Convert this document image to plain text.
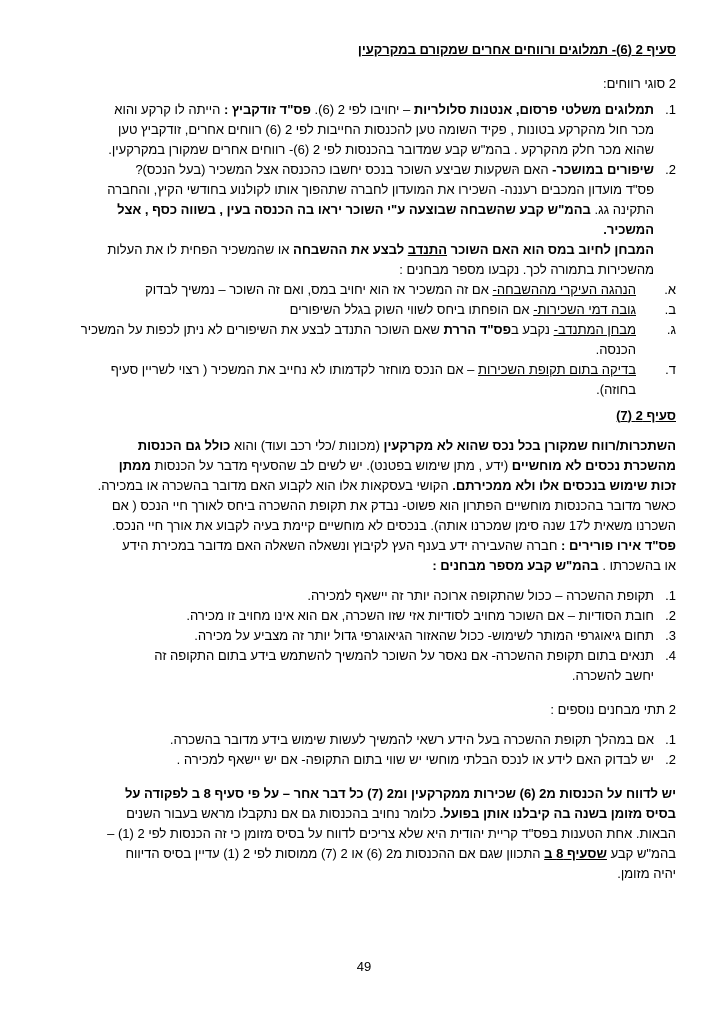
סעיף 2 (6)- תמלוגים ורווחים אחרים שמקורם במקרקעין
2 סוגי רווחים:
1.
תמלוגים משלטי פרסום, אנטנות סלולריות – יחויבו לפי 2 (6). פס"ד זודקביץ : הייתה לו קרקע והוא
מכר חול מהקרקע בטונות , פקיד השומה טען להכנסות החייבות לפי 2 (6) רווחים אחרים, זודקביץ טען
שהוא מכר חלק מהקרקע . בהמ"ש קבע שמדובר בהכנסות לפי 2 (6)- רווחים אחרים שמקורן במקרקעין.
2.
שיפורים במושכר- האם הּשקעות שביצע השוכר בנכס יחשבו כהכנסה אצל המשכיר (בעל הנכס)?
פס"ד מועדון המכבים רעננה- השכירו את המועדון לחברה שתהפוך אותו לקולנוע בחודשי הקיץ, והחברה
התקינה גג. בהמ"ש קבע שהשבחה שבוצעה ע"י השוכר יראו בה הכנסה בעין , בשווה כסף , אצל
המשכיר.
המבחן לחיוב במס הוא האם השוכר התנדב לבצע את ההשבחה או שהמשכיר הפחית לו את העלות
מהשכירות בתמורה לכך. נקבעו מספר מבחנים :
א.
הנהגה העיקרי מההשבחה- אם זה המשכיר אז הוא יחויב במס, ואם זה השוכר – נמשיך לבדוק
ב.
גובה דמי השכירות- אם הופחתו ביחס לשווי השוק בגלל השיפורים
ג.
מבחן המתנדב- נקבע בפס"ד הררת שאם השוכר התנדב לבצע את השיפורים לא ניתן לכפות על המשכיר
הכנסה.
ד.
בדיקה בתום תקופת השכירות – אם הנכס מוחזר לקדמותו לא נחייב את המשכיר ( רצוי לשריין סעיף
בחוזה).
סעיף 2 (7)
השתכרות/רווח שמקורן בכל נכס שהוא לא מקרקעין (מכונות /כלי רכב ועוד) והוא כולל גם הכנסות
מהשכרת נכסים לא מוחשיים (ידע , מתן שימוש בפטנט). יש לשים לב שהסעיף מדבר על הכנסות ממתן
זכות שימוש בנכסים אלו ולא ממכירתם. הקושי בעסקאות אלו הוא לקבוע האם מדובר בהשכרה או במכירה.
כאשר מדובר בהכנסות מוחשיים הפתרון הוא פשוט- נבדק את תקופת ההשכרה ביחס לאורך חיי הנכס ( אם
השכרנו משאית ל17 שנה סימן שמכרנו אותה). בנכסים לא מוחשיים קיימת בעיה לקבוע את אורך חיי הנכס.
פס"ד אירו פורירים : חברה שהעבירה ידע בענף העץ לקיבוץ ונשאלה השאלה האם מדובר במכירת הידע
או בהשכרתו . בהמ"ש קבע מספר מבחנים :
1.
תקופת ההשכרה – ככול שהתקופה ארוכה יותר זה יישאף למכירה.
2.
חובת הסודיות – אם השוכר מחויב לסודיות אזי שזו השכרה, אם הוא אינו מחויב זו מכירה.
3.
תחום גיאוגרפי המותר לשימוש- ככול שהאזור הגיאוגרפי גדול יותר זה מצביע על מכירה.
4.
תנאים בתום תקופת ההשכרה- אם נאסר על השוכר להמשיך להשתמש בידע בתום התקופה זה
יחשב להשכרה.
2 תתי מבחנים נוספים :
1.
אם במהלך תקופת ההשכרה בעל הידע רשאי להמשיך לעשות שימוש בידע מדובר בהשכרה.
2.
יש לבדוק האם לידע או לנכס הבלתי מוחשי יש שווי בתום התקופה- אם יש יישאף למכירה .
יש לדווח על הכנסות מ2 (6) שכירות ממקרקעין ומ2 (7) כל דבר אחר – על פי סעיף 8 ב לפקודה על
בסיס מזומן בשנה בה קיבלנו אותן בפועל. כלומר נחויב בהכנסות גם אם נתקבלו מראש בעבור השנים
הבאות. אחת הטענות בפס"ד קריית יהודית היא שלא צריכים לדווח על בסיס מזומן כי זה הכנסות לפי 2 (1) –
בהמ"ש קבע שסעיף 8 ב התכוון שגם אם ההכנסות מ2 (6) או 2 (7) ממוסות לפי 2 (1) עדיין בסיס הדיווח
יהיה מזומן.
49
